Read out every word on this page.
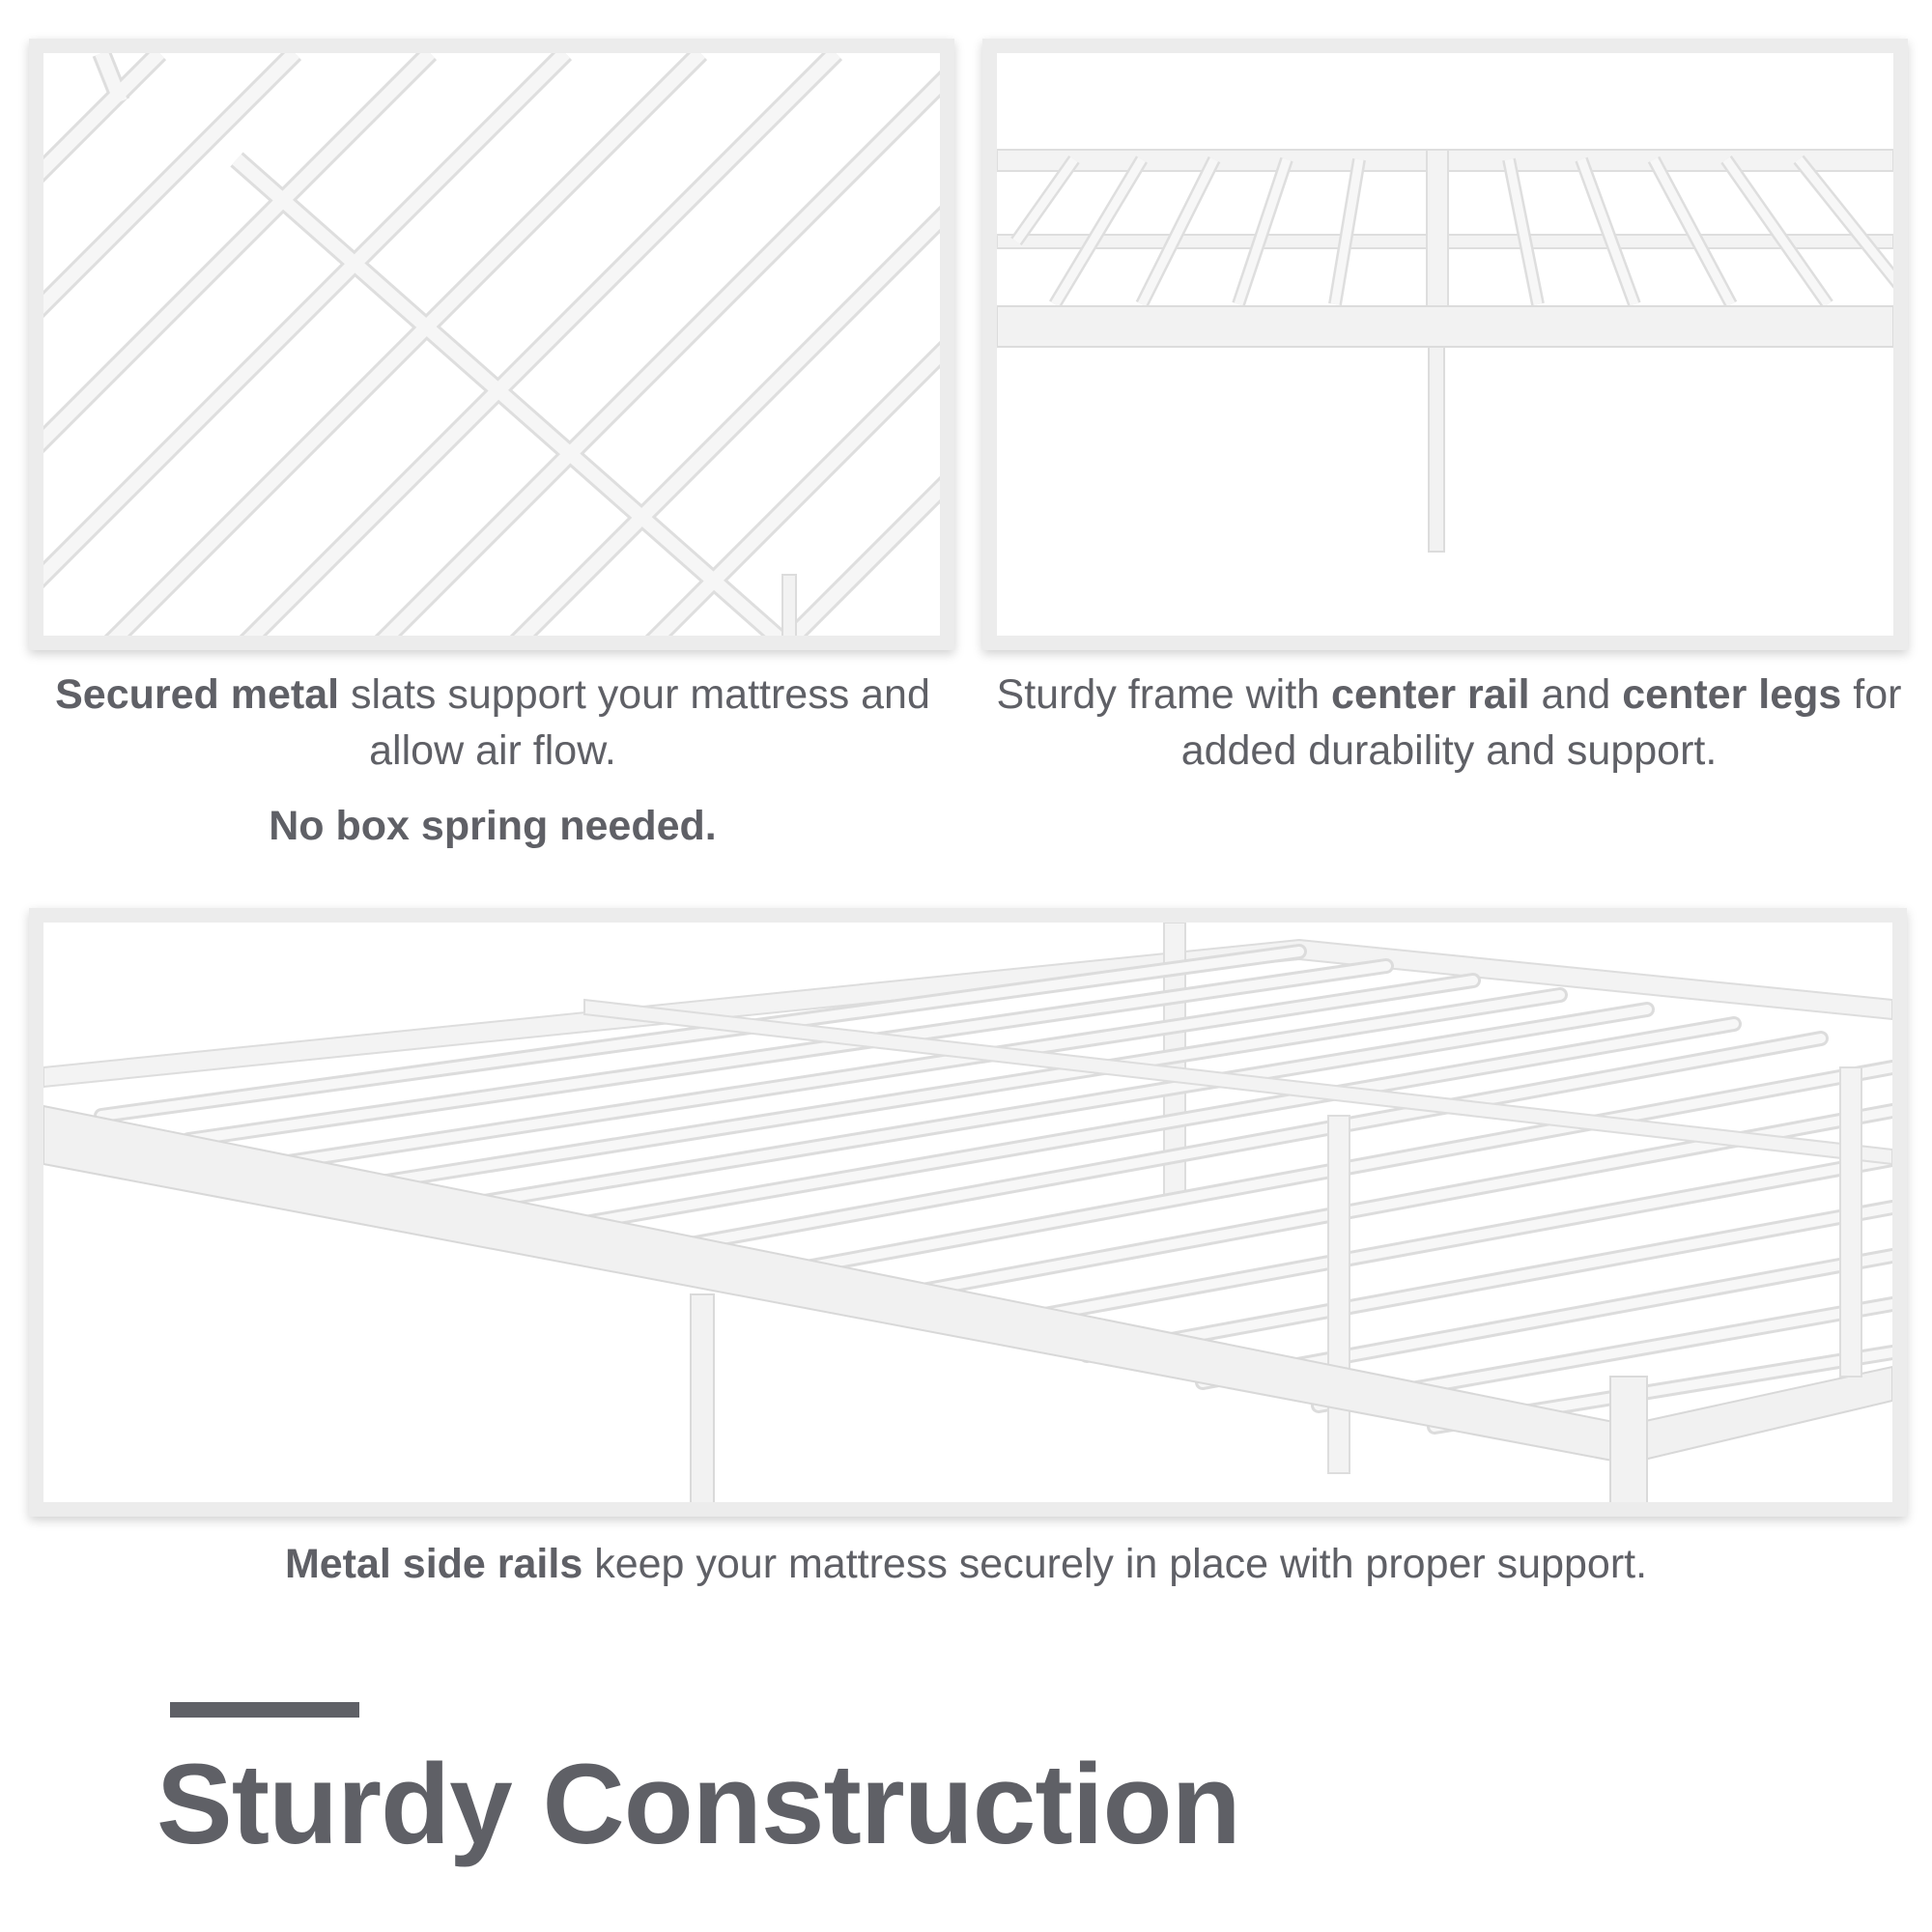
Secured metal slats support your mattress and allow air flow.
No box spring needed.
Sturdy frame with center rail and center legs for added durability and support.
Metal side rails keep your mattress securely in place with proper support.
Sturdy Construction
